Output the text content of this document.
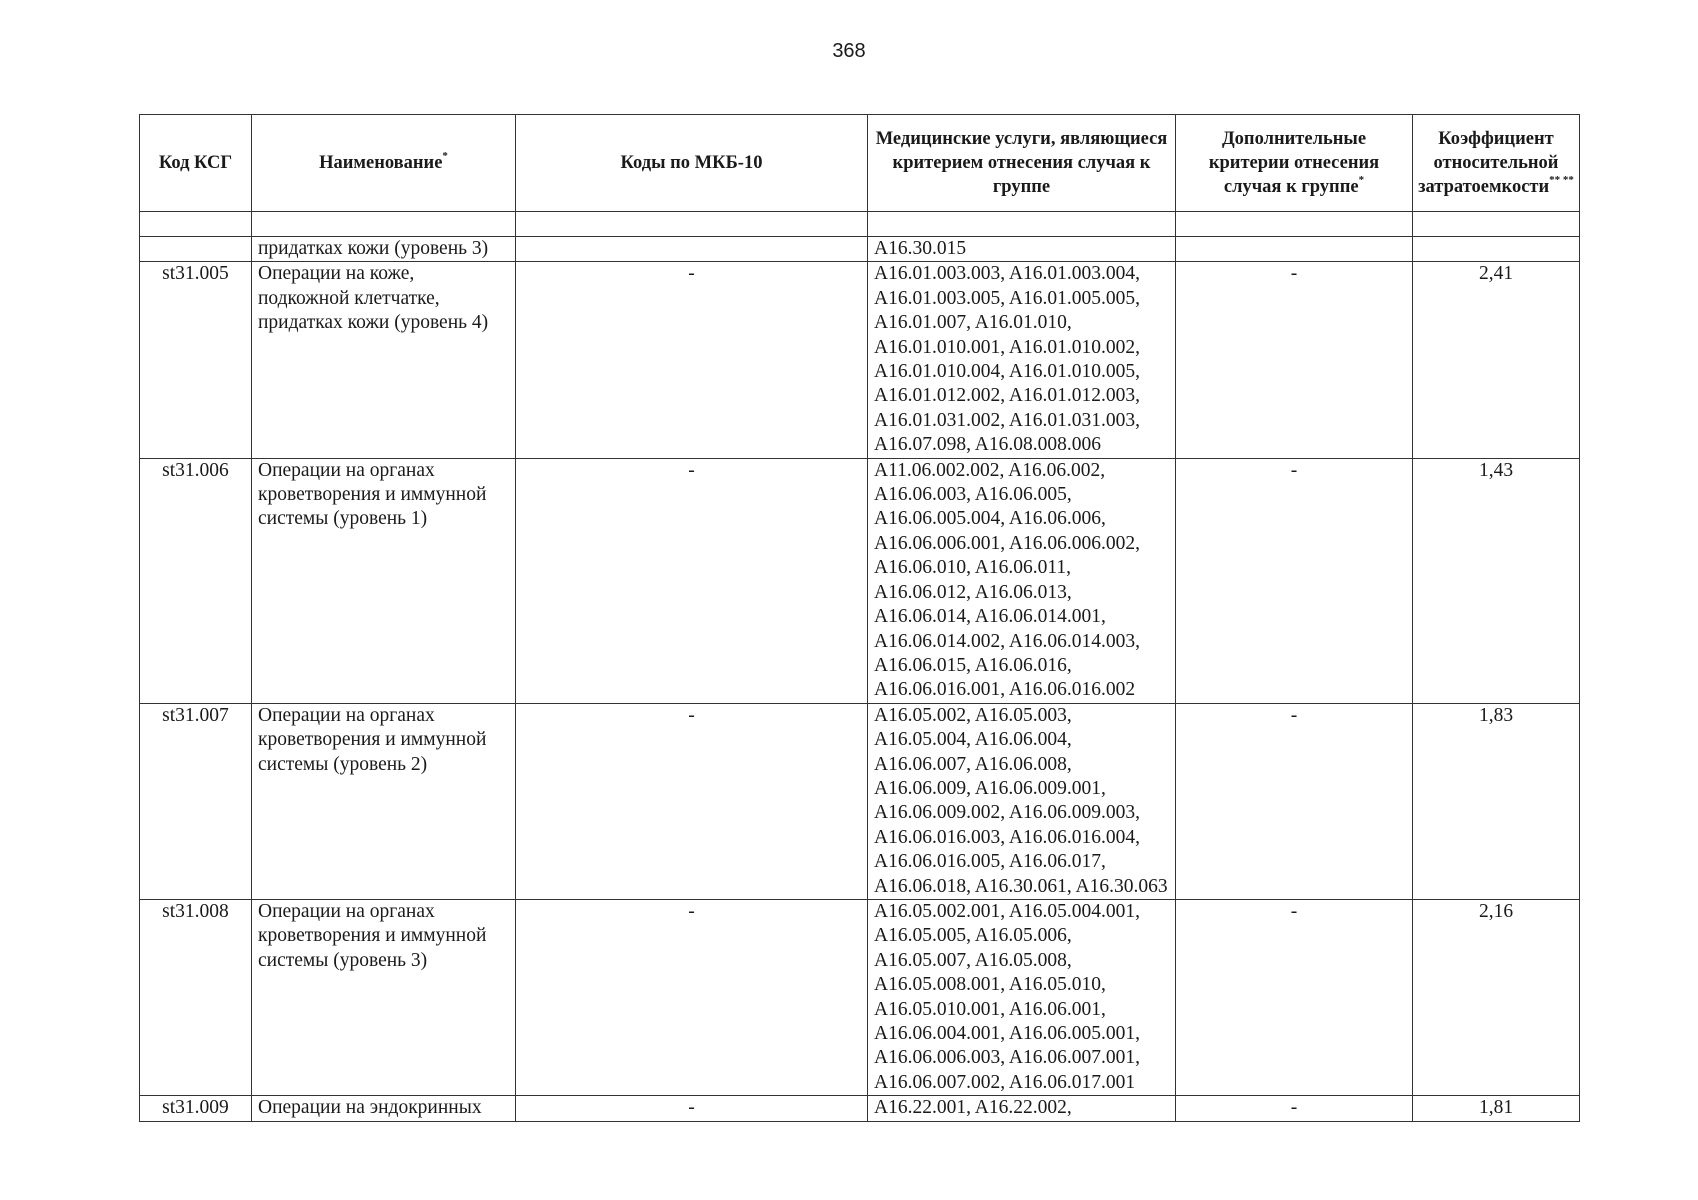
368
Код КСГ	Наименование*	Коды по МКБ-10	Медицинские услуги, являющиеся критерием отнесения случая к группе	Дополнительные критерии отнесения случая к группе*	Коэффициент относительной затратоемкости** **

	придатках кожи (уровень 3)		A16.30.015		
st31.005	Операции на коже, подкожной клетчатке, придатках кожи (уровень 4)	-	A16.01.003.003, A16.01.003.004, A16.01.003.005, A16.01.005.005, A16.01.007, A16.01.010, A16.01.010.001, A16.01.010.002, A16.01.010.004, A16.01.010.005, A16.01.012.002, A16.01.012.003, A16.01.031.002, A16.01.031.003, A16.07.098, A16.08.008.006	-	2,41
st31.006	Операции на органах кроветворения и иммунной системы (уровень 1)	-	A11.06.002.002, A16.06.002, A16.06.003, A16.06.005, A16.06.005.004, A16.06.006, A16.06.006.001, A16.06.006.002, A16.06.010, A16.06.011, A16.06.012, A16.06.013, A16.06.014, A16.06.014.001, A16.06.014.002, A16.06.014.003, A16.06.015, A16.06.016, A16.06.016.001, A16.06.016.002	-	1,43
st31.007	Операции на органах кроветворения и иммунной системы (уровень 2)	-	A16.05.002, A16.05.003, A16.05.004, A16.06.004, A16.06.007, A16.06.008, A16.06.009, A16.06.009.001, A16.06.009.002, A16.06.009.003, A16.06.016.003, A16.06.016.004, A16.06.016.005, A16.06.017, A16.06.018, A16.30.061, A16.30.063	-	1,83
st31.008	Операции на органах кроветворения и иммунной системы (уровень 3)	-	A16.05.002.001, A16.05.004.001, A16.05.005, A16.05.006, A16.05.007, A16.05.008, A16.05.008.001, A16.05.010, A16.05.010.001, A16.06.001, A16.06.004.001, A16.06.005.001, A16.06.006.003, A16.06.007.001, A16.06.007.002, A16.06.017.001	-	2,16
st31.009	Операции на эндокринных	-	A16.22.001, A16.22.002,	-	1,81
